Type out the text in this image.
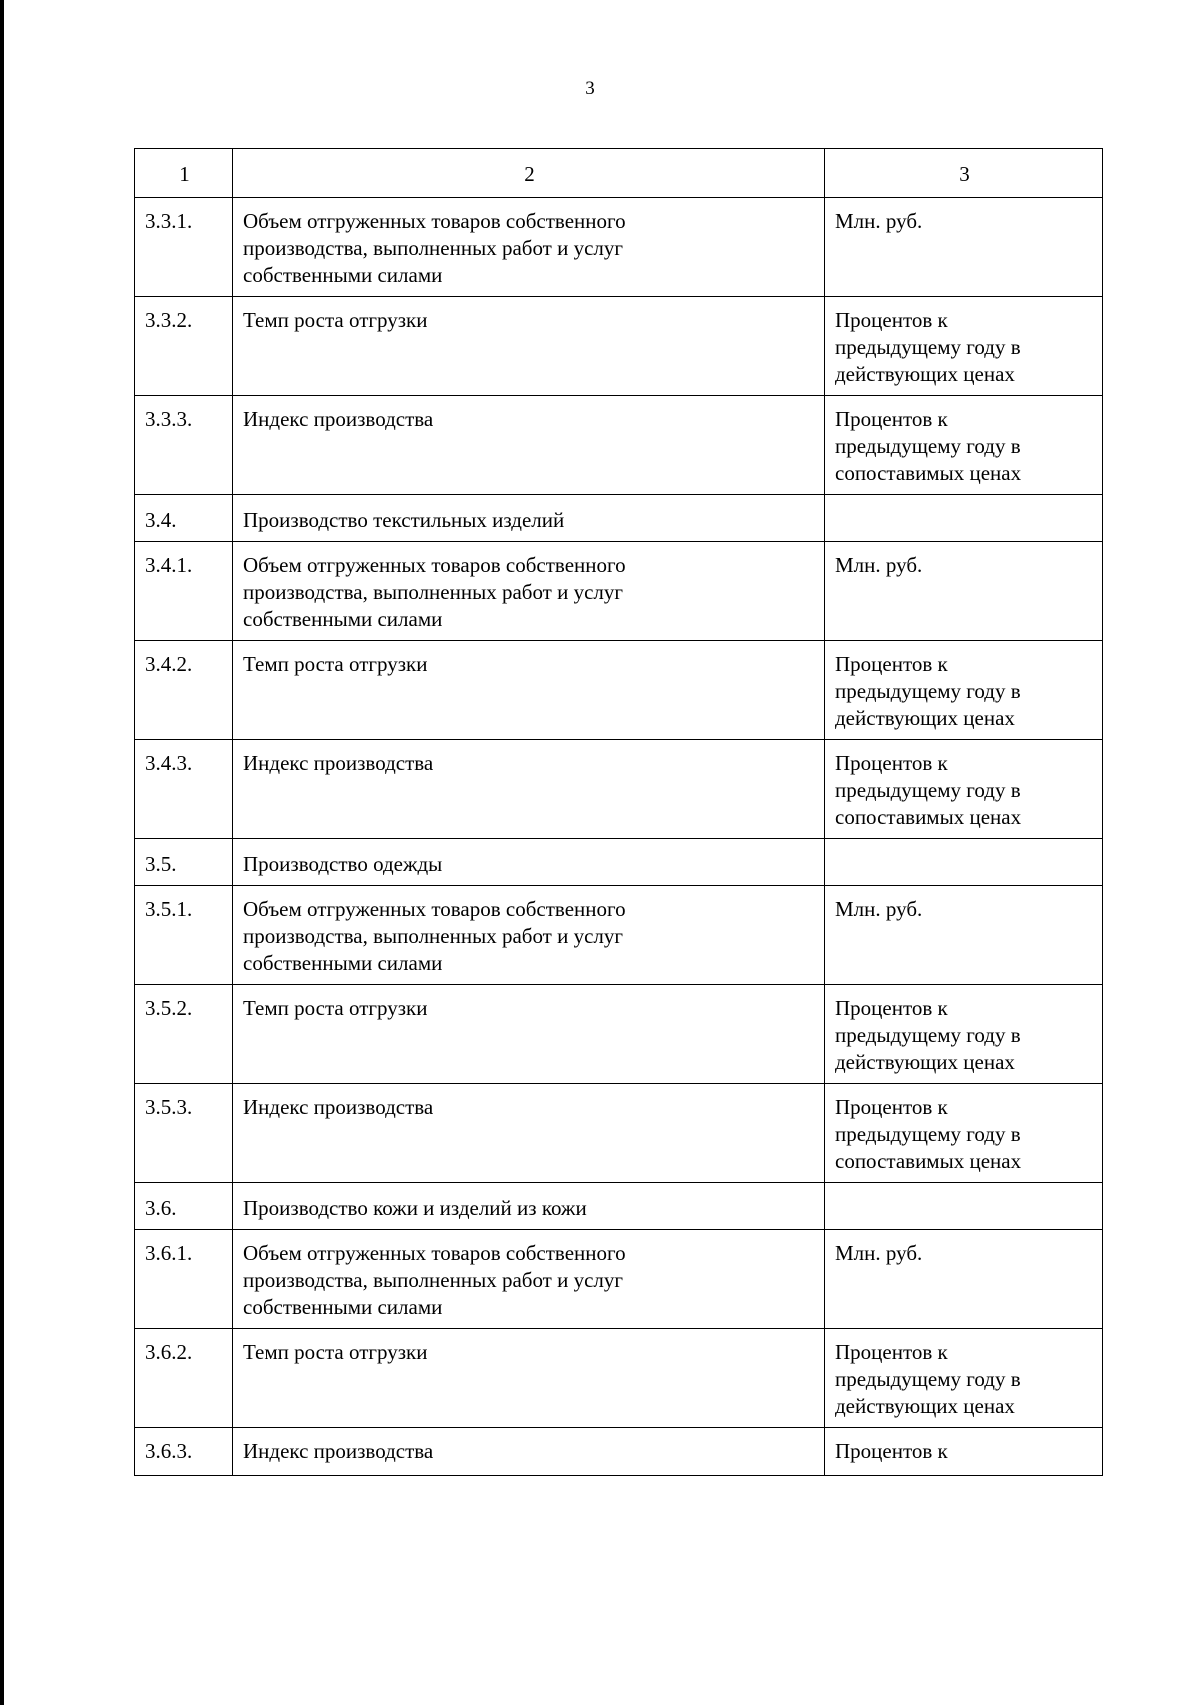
3
1	2	3
3.3.1.	Объем отгруженных товаров собственного
производства, выполненных работ и услуг
собственными силами	Млн. руб.
3.3.2.	Темп роста отгрузки	Процентов к
предыдущему году в
действующих ценах
3.3.3.	Индекс производства	Процентов к
предыдущему году в
сопоставимых ценах
3.4.	Производство текстильных изделий	
3.4.1.	Объем отгруженных товаров собственного
производства, выполненных работ и услуг
собственными силами	Млн. руб.
3.4.2.	Темп роста отгрузки	Процентов к
предыдущему году в
действующих ценах
3.4.3.	Индекс производства	Процентов к
предыдущему году в
сопоставимых ценах
3.5.	Производство одежды	
3.5.1.	Объем отгруженных товаров собственного
производства, выполненных работ и услуг
собственными силами	Млн. руб.
3.5.2.	Темп роста отгрузки	Процентов к
предыдущему году в
действующих ценах
3.5.3.	Индекс производства	Процентов к
предыдущему году в
сопоставимых ценах
3.6.	Производство кожи и изделий из кожи	
3.6.1.	Объем отгруженных товаров собственного
производства, выполненных работ и услуг
собственными силами	Млн. руб.
3.6.2.	Темп роста отгрузки	Процентов к
предыдущему году в
действующих ценах
3.6.3.	Индекс производства	Процентов к
